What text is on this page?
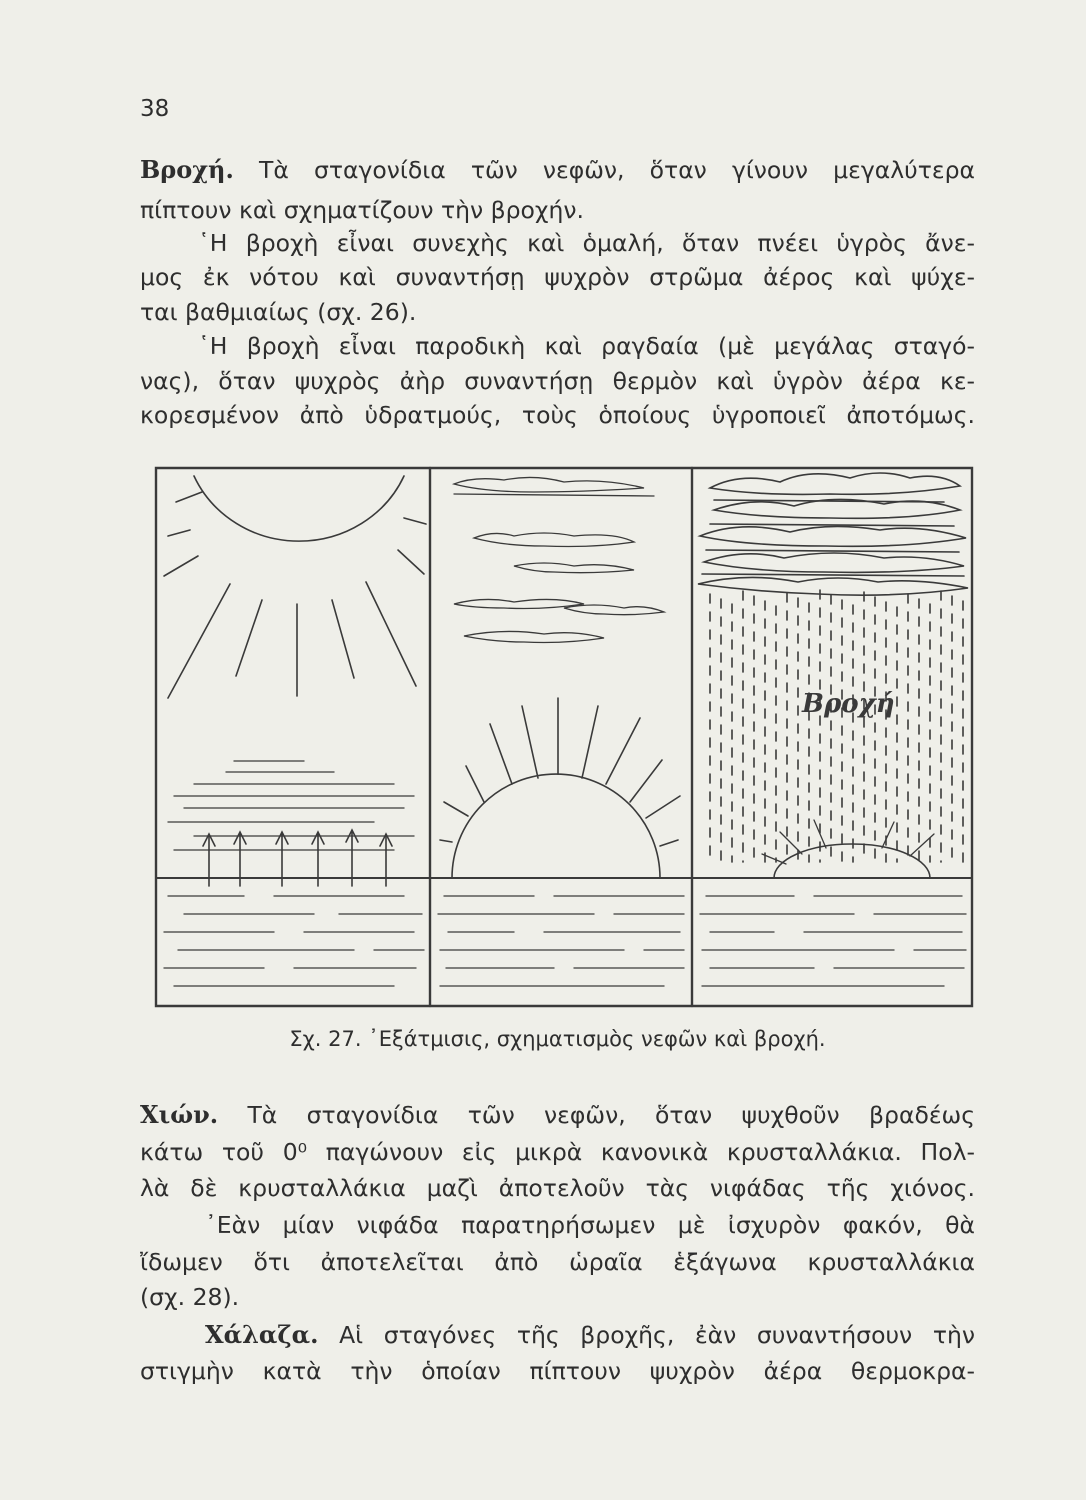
38
Βροχή. Τὰ σταγονίδια τῶν νεφῶν, ὅταν γίνουν μεγαλύτερα
πίπτουν καὶ σχηματίζουν τὴν βροχήν.
῾Η βροχὴ εἶναι συνεχὴς καὶ ὁμαλή, ὅταν πνέει ὑγρὸς ἄνε-
μος ἐκ νότου καὶ συναντήσῃ ψυχρὸν στρῶμα ἀέρος καὶ ψύχε-
ται βαθμιαίως (σχ. 26).
῾Η βροχὴ εἶναι παροδικὴ καὶ ραγδαία (μὲ μεγάλας σταγό-
νας), ὅταν ψυχρὸς ἀὴρ συναντήσῃ θερμὸν καὶ ὑγρὸν ἀέρα κε-
κορεσμένον ἀπὸ ὑδρατμούς, τοὺς ὁποίους ὑγροποιεῖ ἀποτόμως.
Βροχή
Σχ. 27. ᾿Εξάτμισις, σχηματισμὸς νεφῶν καὶ βροχή.
Χιών. Τὰ σταγονίδια τῶν νεφῶν, ὅταν ψυχθοῦν βραδέως
κάτω τοῦ 0⁰ παγώνουν εἰς μικρὰ κανονικὰ κρυσταλλάκια. Πολ-
λὰ δὲ κρυσταλλάκια μαζὶ ἀποτελοῦν τὰς νιφάδας τῆς χιόνος.
᾿Εὰν μίαν νιφάδα παρατηρήσωμεν μὲ ἰσχυρὸν φακόν, θὰ
ἴδωμεν ὅτι ἀποτελεῖται ἀπὸ ὡραῖα ἑξάγωνα κρυσταλλάκια
(σχ. 28).
Χάλαζα. Αἱ σταγόνες τῆς βροχῆς, ἐὰν συναντήσουν τὴν
στιγμὴν κατὰ τὴν ὁποίαν πίπτουν ψυχρὸν ἀέρα θερμοκρα-
